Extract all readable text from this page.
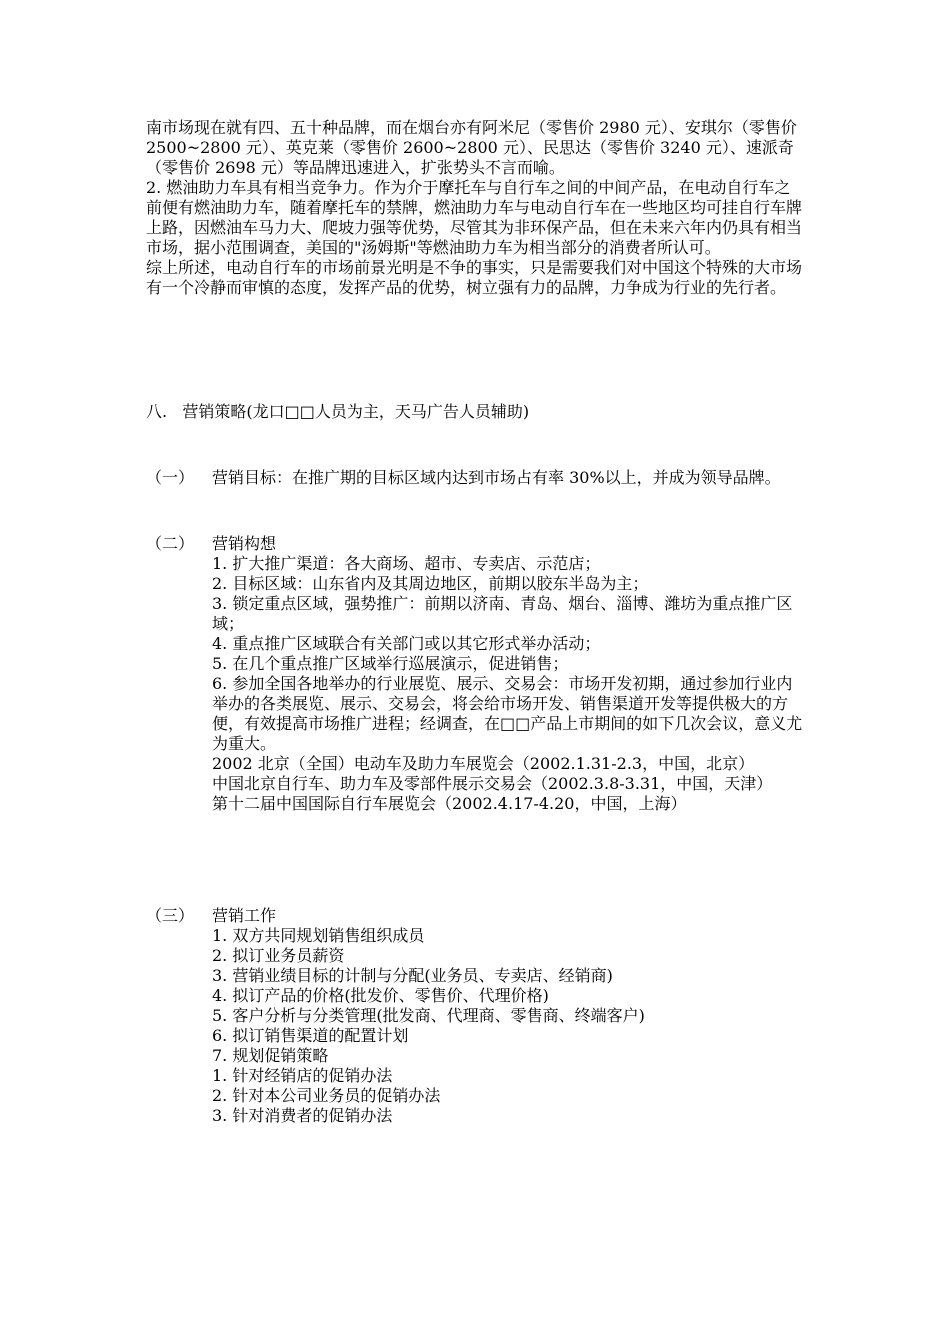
南市场现在就有四、五十种品牌，而在烟台亦有阿米尼（零售价 2980 元）、安琪尔（零售价 2500~2800 元）、英克莱（零售价 2600~2800 元）、民思达（零售价 3240 元）、速派奇（零售价 2698 元）等品牌迅速进入，扩张势头不言而喻。

2. 燃油助力车具有相当竞争力。作为介于摩托车与自行车之间的中间产品，在电动自行车之前便有燃油助力车，随着摩托车的禁牌，燃油助力车与电动自行车在一些地区均可挂自行车牌上路，因燃油车马力大、爬坡力强等优势，尽管其为非环保产品，但在未来六年内仍具有相当市场，据小范围调查，美国的"汤姆斯"等燃油助力车为相当部分的消费者所认可。

综上所述，电动自行车的市场前景光明是不争的事实，只是需要我们对中国这个特殊的大市场有一个冷静而审慎的态度，发挥产品的优势，树立强有力的品牌，力争成为行业的先行者。

八.   营销策略(龙口□□人员为主，天马广告人员辅助)
（一） 营销目标：在推广期的目标区域内达到市场占有率 30%以上，并成为领导品牌。

（二） 营销构想

1. 扩大推广渠道：各大商场、超市、专卖店、示范店；

2. 目标区域：山东省内及其周边地区，前期以胶东半岛为主；

3. 锁定重点区域，强势推广：前期以济南、青岛、烟台、淄博、潍坊为重点推广区域；

4. 重点推广区域联合有关部门或以其它形式举办活动；

5. 在几个重点推广区域举行巡展演示，促进销售；

6. 参加全国各地举办的行业展览、展示、交易会：市场开发初期，通过参加行业内举办的各类展览、展示、交易会，将会给市场开发、销售渠道开发等提供极大的方便，有效提高市场推广进程；经调查，在□□产品上市期间的如下几次会议，意义尤为重大。

2002 北京（全国）电动车及助力车展览会（2002.1.31-2.3，中国，北京）

中国北京自行车、助力车及零部件展示交易会（2002.3.8-3.31，中国，天津）

第十二届中国国际自行车展览会（2002.4.17-4.20，中国，上海）

（三） 营销工作

1. 双方共同规划销售组织成员

2. 拟订业务员薪资

3. 营销业绩目标的计制与分配(业务员、专卖店、经销商)

4. 拟订产品的价格(批发价、零售价、代理价格)

5. 客户分析与分类管理(批发商、代理商、零售商、终端客户)

6. 拟订销售渠道的配置计划

7. 规划促销策略

1. 针对经销店的促销办法

2. 针对本公司业务员的促销办法

3. 针对消费者的促销办法
